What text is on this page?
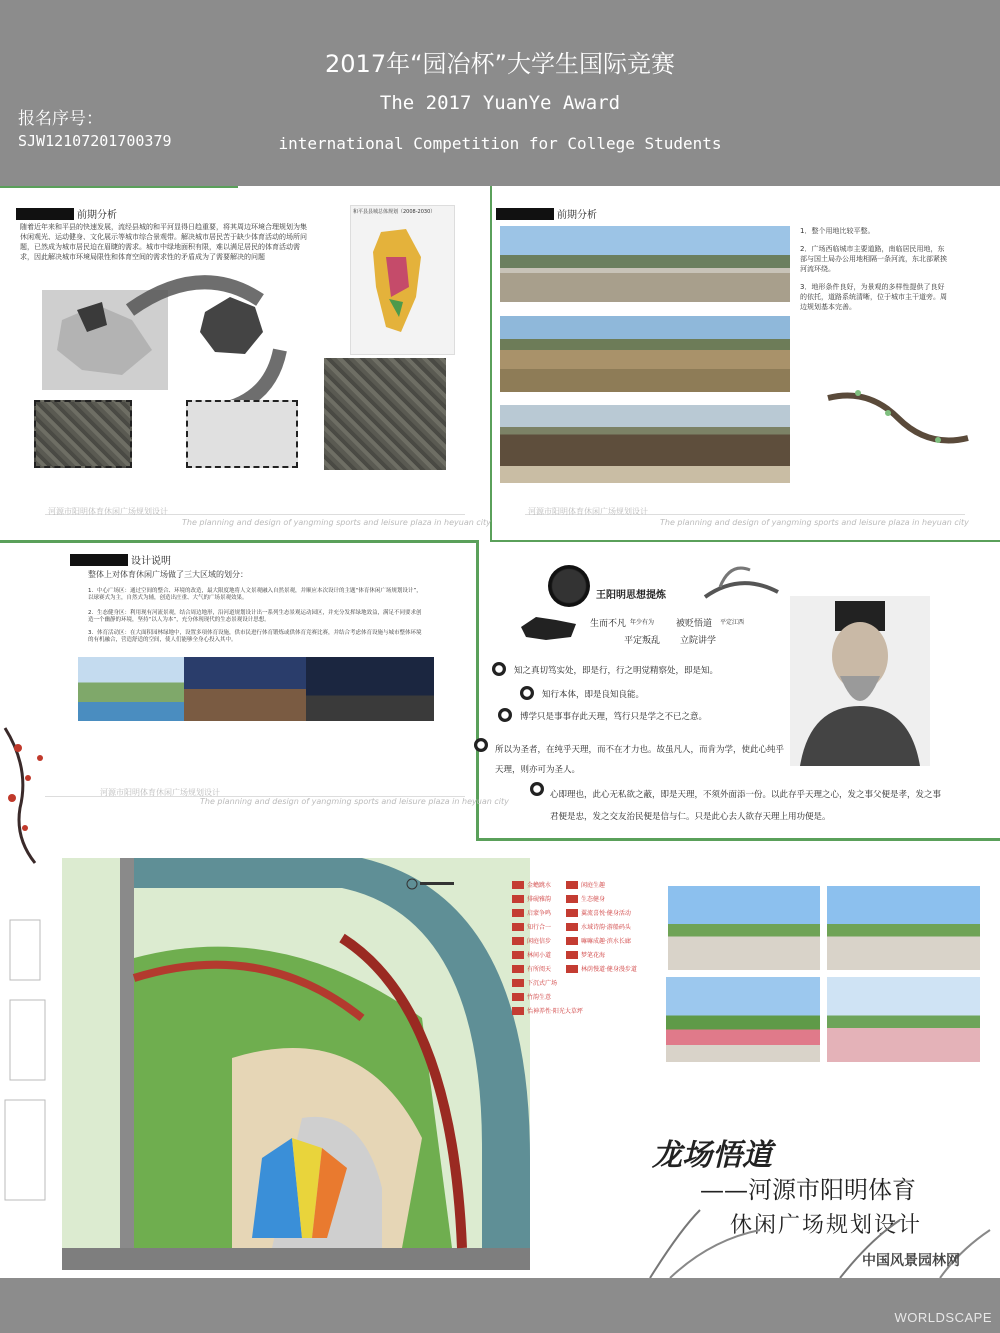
2017年“园冶杯”大学生国际竞赛
The 2017 YuanYe Award
international Competition for College Students
报名序号：
SJW12107201700379
前期分析
随着近年来和平县的快速发展，流经县城的和平河显得日趋重要，将其周边环境合理规划为集休闲观光、运动健身、文化展示等城市综合景观带。解决城市居民苦于缺少体育活动的场所问题，已然成为城市居民迫在眉睫的需求。城市中绿地面积有限，难以满足居民的体育活动需求，因此解决城市环境局限性和体育空间的需求性的矛盾成为了需要解决的问题
和平县县城总体规划（2008-2030）
河源市阳明体育休闲广场规划设计
The planning and design of yangming sports and leisure plaza in heyuan city
前期分析
1．整个用地比较平整。
2．广场西临城市主要道路，南临居民用地，东部与国土局办公用地相隔一条河流，东北部紧挨河流环绕。
3．地形条件良好，为景观的多样性提供了良好的依托，道路系统清晰，位于城市主干道旁。周边规划基本完善。
河源市阳明体育休闲广场规划设计
The planning and design of yangming sports and leisure plaza in heyuan city
设计说明
整体上对体育休闲广场做了三大区域的划分：
1．中心广场区：通过空间的整合、环境的改造，最大限度地将人文景观融入自然景观，并顺应本次设计的主题“体育休闲广场规划设计”，以球赛式为主，自然式为辅，创造出庄重、大气的广场景观效果。
2．生态健身区：利用现有河流景观，结合周边地形，沿河道规划设计出一系列生态景观运动园区，并充分发挥绿地效益，满足不同要求创造一个幽静的环境，坚持“以人为本”，充分体现现代的生态景观设计思想。
3．体育活动区：在大面积园林绿地中，设置多项体育设施，供市民进行体育锻炼或供体育竞赛比赛，并结合考虑体育设施与城市整体环境的有机融合，营造舒适的空间，使人们能够全身心投入其中。
河源市阳明体育休闲广场规划设计
The planning and design of yangming sports and leisure plaza in heyuan city
王阳明思想提炼
生而不凡 年少有为 被贬悟道 平定江西
平定叛乱 立院讲学
知之真切笃实处，即是行，行之明觉精察处，即是知。
知行本体，即是良知良能。
博学只是事事存此天理，笃行只是学之不已之意。
所以为圣者，在纯乎天理，而不在才力也。故虽凡人，而肯为学，使此心纯乎天理，则亦可为圣人。
心即理也，此心无私欲之蔽，即是天理，不须外面添一份。以此存乎天理之心，发之事父便是孝，发之事君便是忠，发之交友治民便是信与仁。只是此心去人欲存天理上用功便是。
金蟾跳水
排砚雅韵
启蒙争鸣
知行合一
闲庭信步
林间小道
有所阅天
下沉式广场
竹韵生意
怡神养性·阳光大草坪
闲庭生趣
生态健身
翼流喜悦·健身活动
水域诗韵·游船码头
嘛嘛成趣·滨水长廊
梦笔花海
林荫慢道·健身漫步道
龙场悟道
——河源市阳明体育
休闲广场规划设计
中国风景园林网
WORLDSCAPE
